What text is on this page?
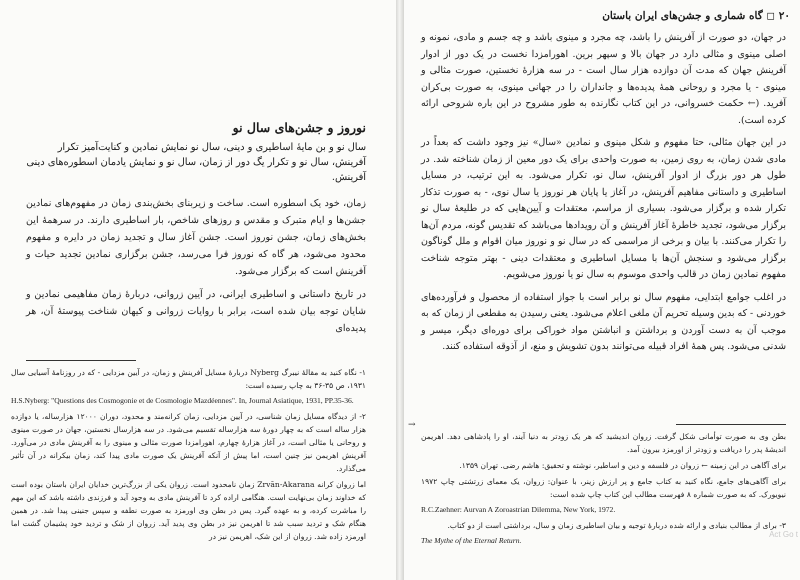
نوروز و جشن‌های سال نو
سال نو و بن مایهٔ اساطیری و دینی، سال نو نمایش نمادین و کنایت‌آمیز تکرار آفرینش، سال نو و تکرار یگ دور از زمان، سال نو و نمایش یادمان اسطوره‌های دینی آفرینش.

زمان، خود یک اسطوره است. ساخت و زیربنای بخش‌بندی زمان در مفهوم‌های نمادین جشن‌ها و ایام متبرک و مقدس و روزهای شاخص، بار اساطیری دارند. در سرهمهٔ این بخش‌های زمان، جشن نوروز است. جشن آغاز سال و تجدید زمان در دایره و مفهوم محدود می‌شود، هر گاه که نوروز فرا می‌رسد، جشن برگزاری نمادین تجدید حیات و آفرینش است که برگزار می‌شود.

در تاریخ داستانی و اساطیری ایرانی، در آیین زروانی، دربارهٔ زمان مفاهیمی نمادین و شایان توجه بیان شده است، برابر با روایات زروانی و کیهان شناخت پیوستهٔ آن، هر پدیده‌ای

۱- نگاه کنید به مقالهٔ نیبرگ Nyberg دربارهٔ مسایل آفرینش و زمان، در آیین مزدایی - که در روزنامهٔ آسیایی سال ۱۹۳۱، ص ۳۵-۳۶ به چاپ رسیده است:

H.S.Nyberg: "Questions des Cosmogonie et de Cosmologie Mazdéennes". In, Journal Asiatique, 1931, PP.35-36.

۲- از دیدگاه مسایل زمان شناسی، در آیین مزدایی، زمان کرانه‌مند و محدود، دوران ۱۲۰۰۰ هزارساله، یا دوازده هزار ساله است که به چهار دورهٔ سه هزارساله تقسیم می‌شود. در سه هزارسال نخستین، جهان در صورت مینوی و روحانی یا مثالی است، در آغاز هزارهٔ چهارم، اهورامزدا صورت مثالی و مینوی را به آفرینش مادی در می‌آورد. آفرینش اهریمن نیز چنین است، اما پیش از آنکه آفرینش یک صورت مادی پیدا کند، زمان بیکرانه در آن تأثیر می‌گذارد.

اما زروان کرانه Zrvān-Akarana زمان نامحدود است. زروان یکی از بزرگ‌ترین خدایان ایران باستان بوده است که خداوند زمان بی‌نهایت است. هنگامی اراده کرد تا آفرینش مادی به وجود آید و فرزندی داشته باشد که این مهم را مباشرت کرده، و به عهده گیرد. پس در بطن وی اورمزد به صورت نطفه و سپس جنینی پیدا شد. در همین هنگام شک و تردید سبب شد تا اهریمن نیز در بطن وی پدید آید. زروان از شک و تردید خود پشیمان گشت اما اورمزد زاده شد. زروان از این شک، اهریمن نیز در

۲۰ ◻ گاه شماری و جشن‌های ایران باستان

در جهان، دو صورت از آفرینش را باشد، چه مجرد و مینوی باشد و چه جسم و مادی، نمونه و اصلی مینوی و مثالی دارد در جهان بالا و سپهر برین. اهورامزدا نخست در یک دور از ادوار آفرینش جهان که مدت آن دوازده هزار سال است - در سه هزارهٔ نخستین، صورت مثالی و مینوی - یا مجرد و روحانی همهٔ پدیده‌ها و جانداران را در جهانی مینوی، به صورت بی‌کران آفرید. (← حکمت خسروانی، در این کتاب نگارنده به طور مشروح در این باره شروحی ارائه کرده است).

در این جهان مثالی، حتا مفهوم و شکل مینوی و نمادین «سال» نیز وجود داشت که بعداً در مادی شدن زمان، به روی زمین، به صورت واحدی برای یک دور معین از زمان شناخته شد. در طول هر دور بزرگ از ادوار آفرینش، سال نو، تکرار می‌شود. به این ترتیب، در مسایل اساطیری و داستانی مفاهیم آفرینش، در آغاز یا پایان هر نوروز یا سال نوی، - به صورت تذکار تکرار شده و برگزار می‌شود. بسیاری از مراسم، معتقدات و آیین‌هایی که در طلیعهٔ سال نو برگزار می‌شود، تجدید خاطرهٔ آغاز آفرینش و آن رویدادها می‌باشد که تقدیس گونه، مردم آن‌ها را تکرار می‌کنند. با بیان و برخی از مراسمی که در سال نو و نوروز میان اقوام و ملل گوناگون برگزار می‌شود و سنجش آن‌ها با مسایل اساطیری و معتقدات دینی - بهتر متوجه شناخت مفهوم نمادین زمان در قالب واحدی موسوم به سال نو یا نوروز می‌شویم.

در اغلب جوامع ابتدایی، مفهوم سال نو برابر است با جواز استفاده از محصول و فرآورده‌های خوردنی - که بدین وسیله تحریم آن ملغی اعلام می‌شود. یعنی رسیدن به مقطعی از زمان که به موجب آن به دست آوردن و برداشتن و انباشتن مواد خوراکی برای دوره‌ای دیگر، میسر و شدنی می‌شود. پس همهٔ افراد قبیله می‌توانند بدون تشویش و منع، از آذوقه استفاده کنند.

→

بطن وی به صورت توأمانی شکل گرفت. زروان اندیشید که هر یک زودتر به دنیا آیند، او را پادشاهی دهد. اهریمن اندیشهٔ پدر را دریافت و زودتر از اورمزد بیرون آمد.

برای آگاهی در این زمینه ← زروان در فلسفه و دین و اساطیر، نوشته و تحقیق: هاشم رضی. تهران ۱۳۵۹.

برای آگاهی‌های جامع، نگاه کنید به کتاب جامع و پر ارزش زینر، با عنوان: زروان، یک معمای زرتشتی چاپ ۱۹۷۲ نیویورک. که به صورت شماره ۸ فهرست مطالب این کتاب چاپ شده است:

R.C.Zaehner: Aurvan A Zoroastrian Dilemma, New York, 1972.

۳- برای از مطالب بنیادی و ارائه شده دربارهٔ توجیه و بیان اساطیری زمان و سال، برداشتی است از دو کتاب.

The Mythe of the Eternal Return.

Act Go t
